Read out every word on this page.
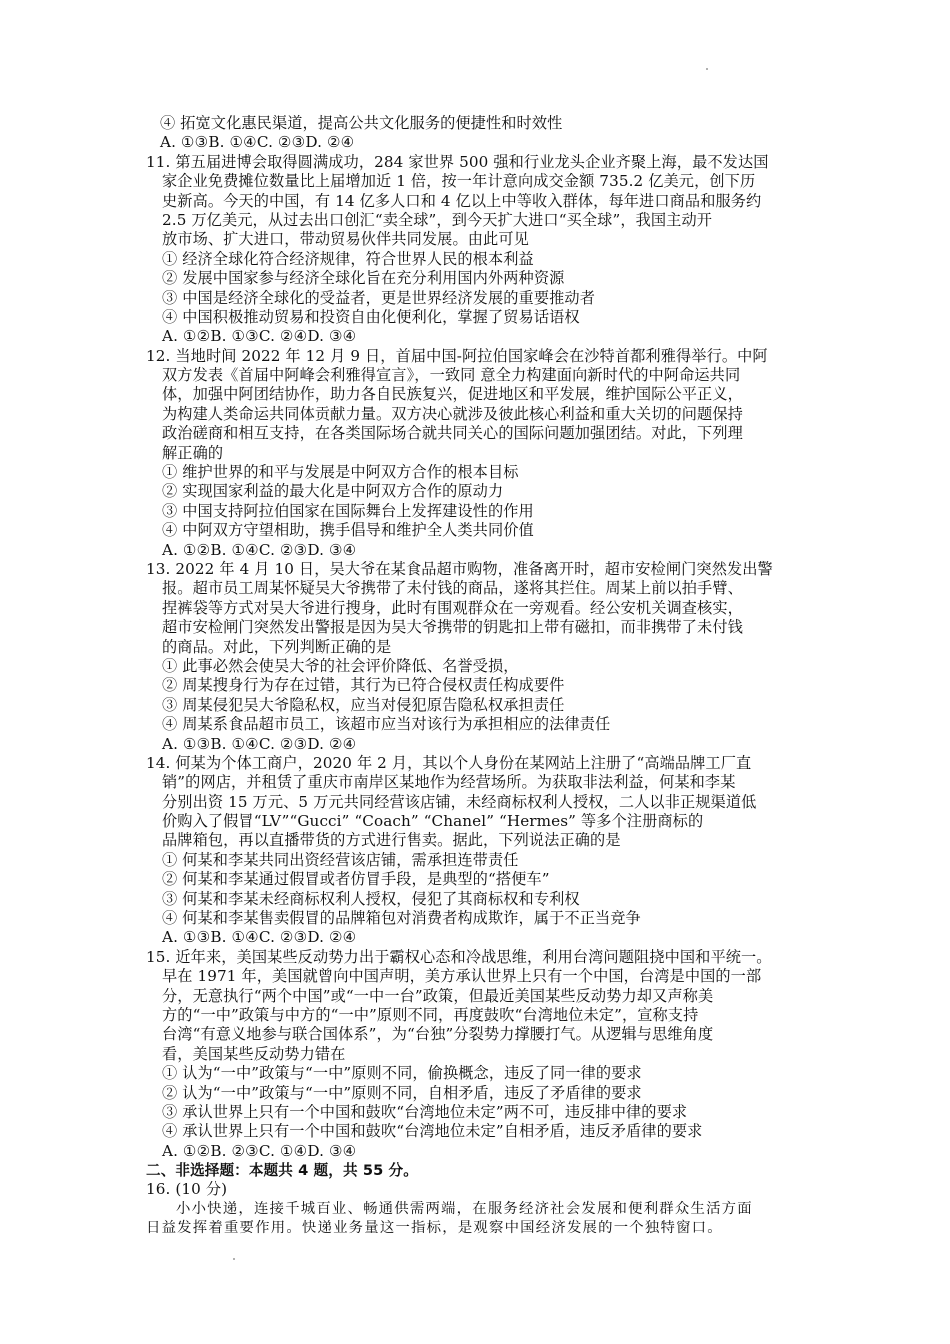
④ 拓宽文化惠民渠道，提高公共文化服务的便捷性和时效性
A. ①③B. ①④C. ②③D. ②④
11. 第五届进博会取得圆满成功，284 家世界 500 强和行业龙头企业齐聚上海，最不发达国
家企业免费摊位数量比上届增加近 1 倍，按一年计意向成交金额 735.2 亿美元，创下历
史新高。今天的中国，有 14 亿多人口和 4 亿以上中等收入群体，每年进口商品和服务约
2.5 万亿美元，从过去出口创汇“卖全球”，到今天扩大进口“买全球”，我国主动开
放市场、扩大进口，带动贸易伙伴共同发展。由此可见
① 经济全球化符合经济规律，符合世界人民的根本利益
② 发展中国家参与经济全球化旨在充分利用国内外两种资源
③ 中国是经济全球化的受益者，更是世界经济发展的重要推动者
④ 中国积极推动贸易和投资自由化便利化，掌握了贸易话语权
A. ①②B. ①③C. ②④D. ③④
12. 当地时间 2022 年 12 月 9 日，首届中国-阿拉伯国家峰会在沙特首都利雅得举行。中阿
双方发表《首届中阿峰会利雅得宣言》，一致同 意全力构建面向新时代的中阿命运共同
体，加强中阿团结协作，助力各自民族复兴，促进地区和平发展，维护国际公平正义，
为构建人类命运共同体贡献力量。双方决心就涉及彼此核心利益和重大关切的问题保持
政治磋商和相互支持，在各类国际场合就共同关心的国际问题加强团结。对此，下列理
解正确的
① 维护世界的和平与发展是中阿双方合作的根本目标
② 实现国家利益的最大化是中阿双方合作的原动力
③ 中国支持阿拉伯国家在国际舞台上发挥建设性的作用
④ 中阿双方守望相助，携手倡导和维护全人类共同价值
A. ①②B. ①④C. ②③D. ③④
13. 2022 年 4 月 10 日，吴大爷在某食品超市购物，准备离开时，超市安检闸门突然发出警
报。超市员工周某怀疑吴大爷携带了未付钱的商品，遂将其拦住。周某上前以拍手臂、
捏裤袋等方式对吴大爷进行搜身，此时有围观群众在一旁观看。经公安机关调查核实，
超市安检闸门突然发出警报是因为吴大爷携带的钥匙扣上带有磁扣，而非携带了未付钱
的商品。对此，下列判断正确的是
① 此事必然会使吴大爷的社会评价降低、名誉受损，
② 周某搜身行为存在过错，其行为已符合侵权责任构成要件
③ 周某侵犯吴大爷隐私权，应当对侵犯原告隐私权承担责任
④ 周某系食品超市员工，该超市应当对该行为承担相应的法律责任
A. ①③B. ①④C. ②③D. ②④
14. 何某为个体工商户，2020 年 2 月，其以个人身份在某网站上注册了“高端品牌工厂直
销”的网店，并租赁了重庆市南岸区某地作为经营场所。为获取非法利益，何某和李某
分别出资 15 万元、5 万元共同经营该店铺，未经商标权利人授权，二人以非正规渠道低
价购入了假冒“LV”“Gucci” “Coach” “Chanel” “Hermes” 等多个注册商标的
品牌箱包，再以直播带货的方式进行售卖。据此，下列说法正确的是
① 何某和李某共同出资经营该店铺，需承担连带责任
② 何某和李某通过假冒或者仿冒手段，是典型的“搭便车”
③ 何某和李某未经商标权利人授权，侵犯了其商标权和专利权
④ 何某和李某售卖假冒的品牌箱包对消费者构成欺诈，属于不正当竞争
A. ①③B. ①④C. ②③D. ②④
15. 近年来，美国某些反动势力出于霸权心态和冷战思维，利用台湾问题阻挠中国和平统一。
早在 1971 年，美国就曾向中国声明，美方承认世界上只有一个中国，台湾是中国的一部
分，无意执行“两个中国”或“一中一台”政策，但最近美国某些反动势力却又声称美
方的“一中”政策与中方的“一中”原则不同，再度鼓吹“台湾地位未定”，宣称支持
台湾“有意义地参与联合国体系”，为“台独”分裂势力撑腰打气。从逻辑与思维角度
看，美国某些反动势力错在
① 认为“一中”政策与“一中”原则不同，偷换概念，违反了同一律的要求
② 认为“一中”政策与“一中”原则不同，自相矛盾，违反了矛盾律的要求
③ 承认世界上只有一个中国和鼓吹“台湾地位未定”两不可，违反排中律的要求
④ 承认世界上只有一个中国和鼓吹“台湾地位未定”自相矛盾，违反矛盾律的要求
A. ①②B. ②③C. ①④D. ③④
二、非选择题：本题共 4 题，共 55 分。
16. (10 分)
小小快递，连接千城百业、畅通供需两端，在服务经济社会发展和便利群众生活方面
日益发挥着重要作用。快递业务量这一指标，是观察中国经济发展的一个独特窗口。
